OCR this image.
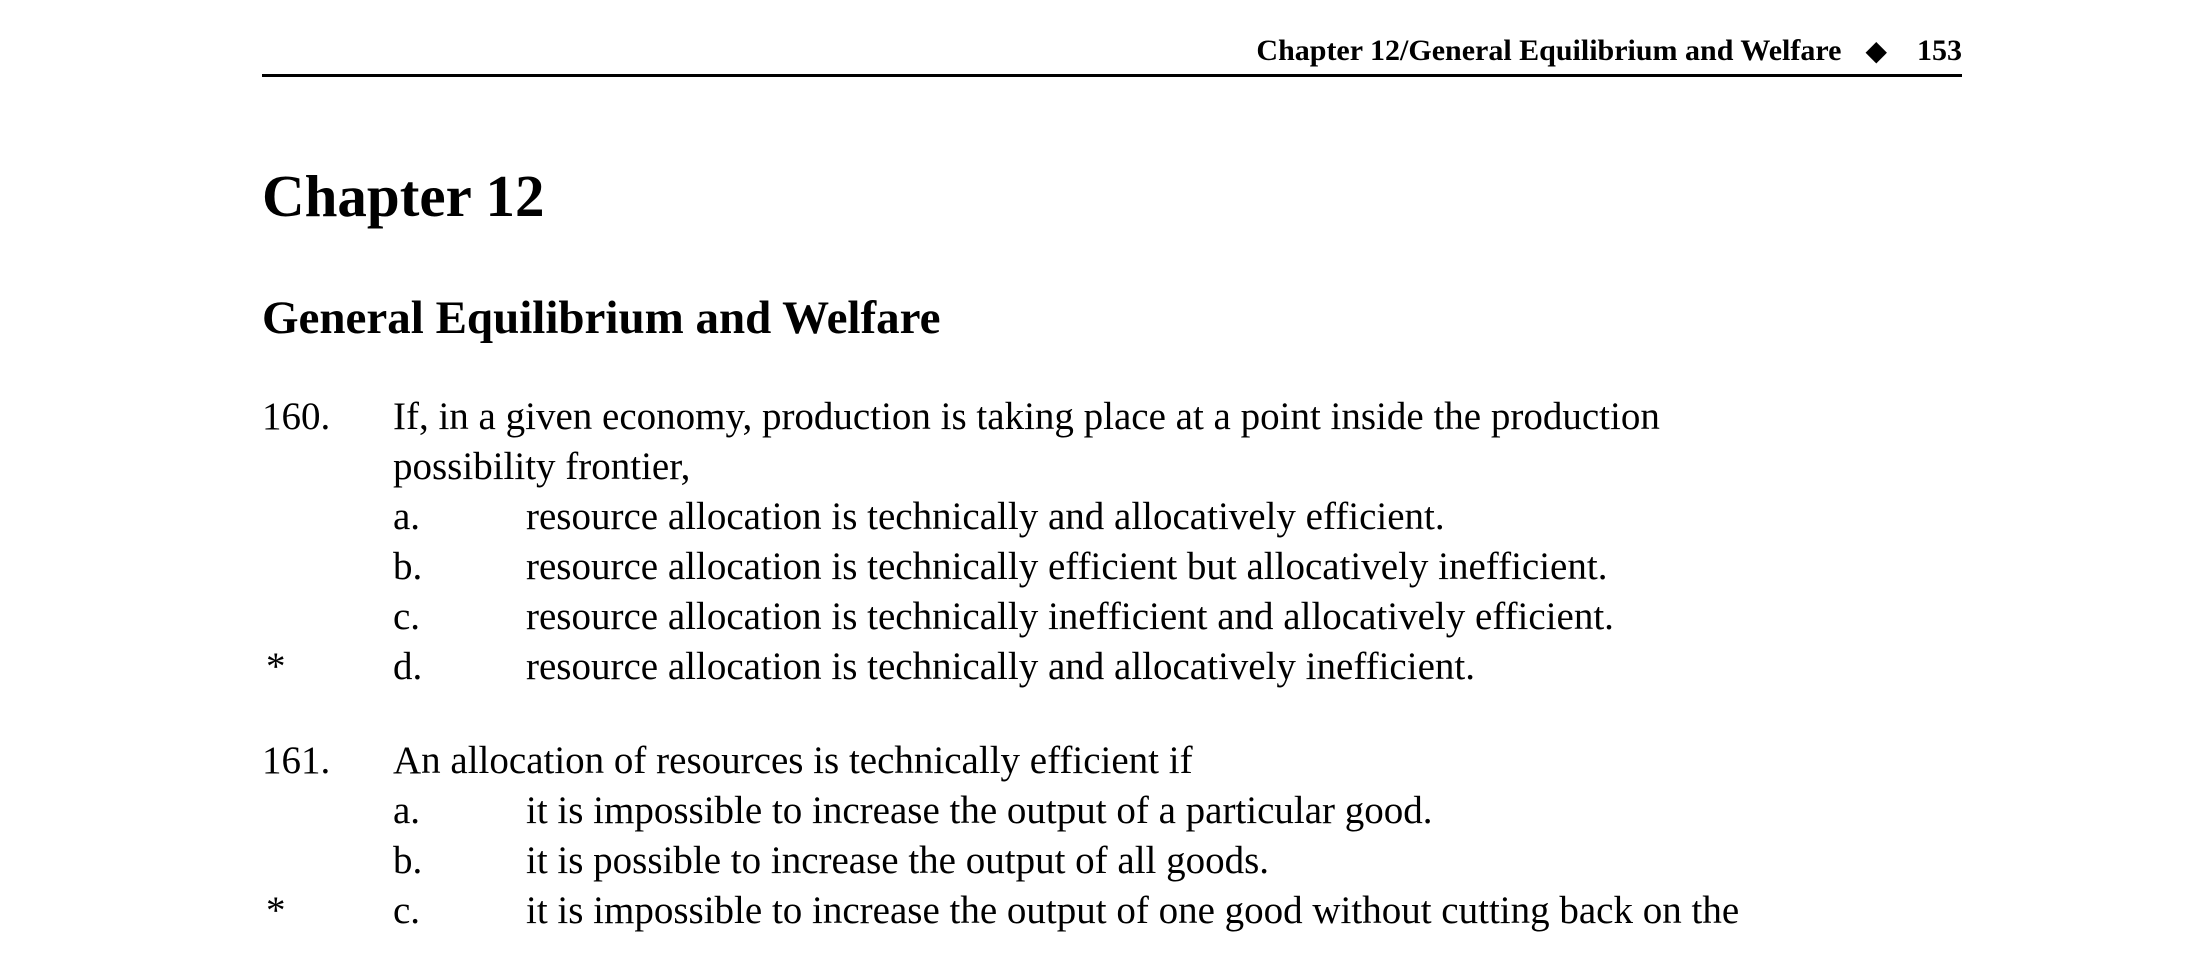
Chapter 12/General Equilibrium and Welfare ◆ 153
Chapter 12
General Equilibrium and Welfare
160. If, in a given economy, production is taking place at a point inside the production
possibility frontier,
a.	resource allocation is technically and allocatively efficient.
b.	resource allocation is technically efficient but allocatively inefficient.
c.	resource allocation is technically inefficient and allocatively efficient.
*	d.	resource allocation is technically and allocatively inefficient.
161. An allocation of resources is technically efficient if
a.	it is impossible to increase the output of a particular good.
b.	it is possible to increase the output of all goods.
*	c.	it is impossible to increase the output of one good without cutting back on the
